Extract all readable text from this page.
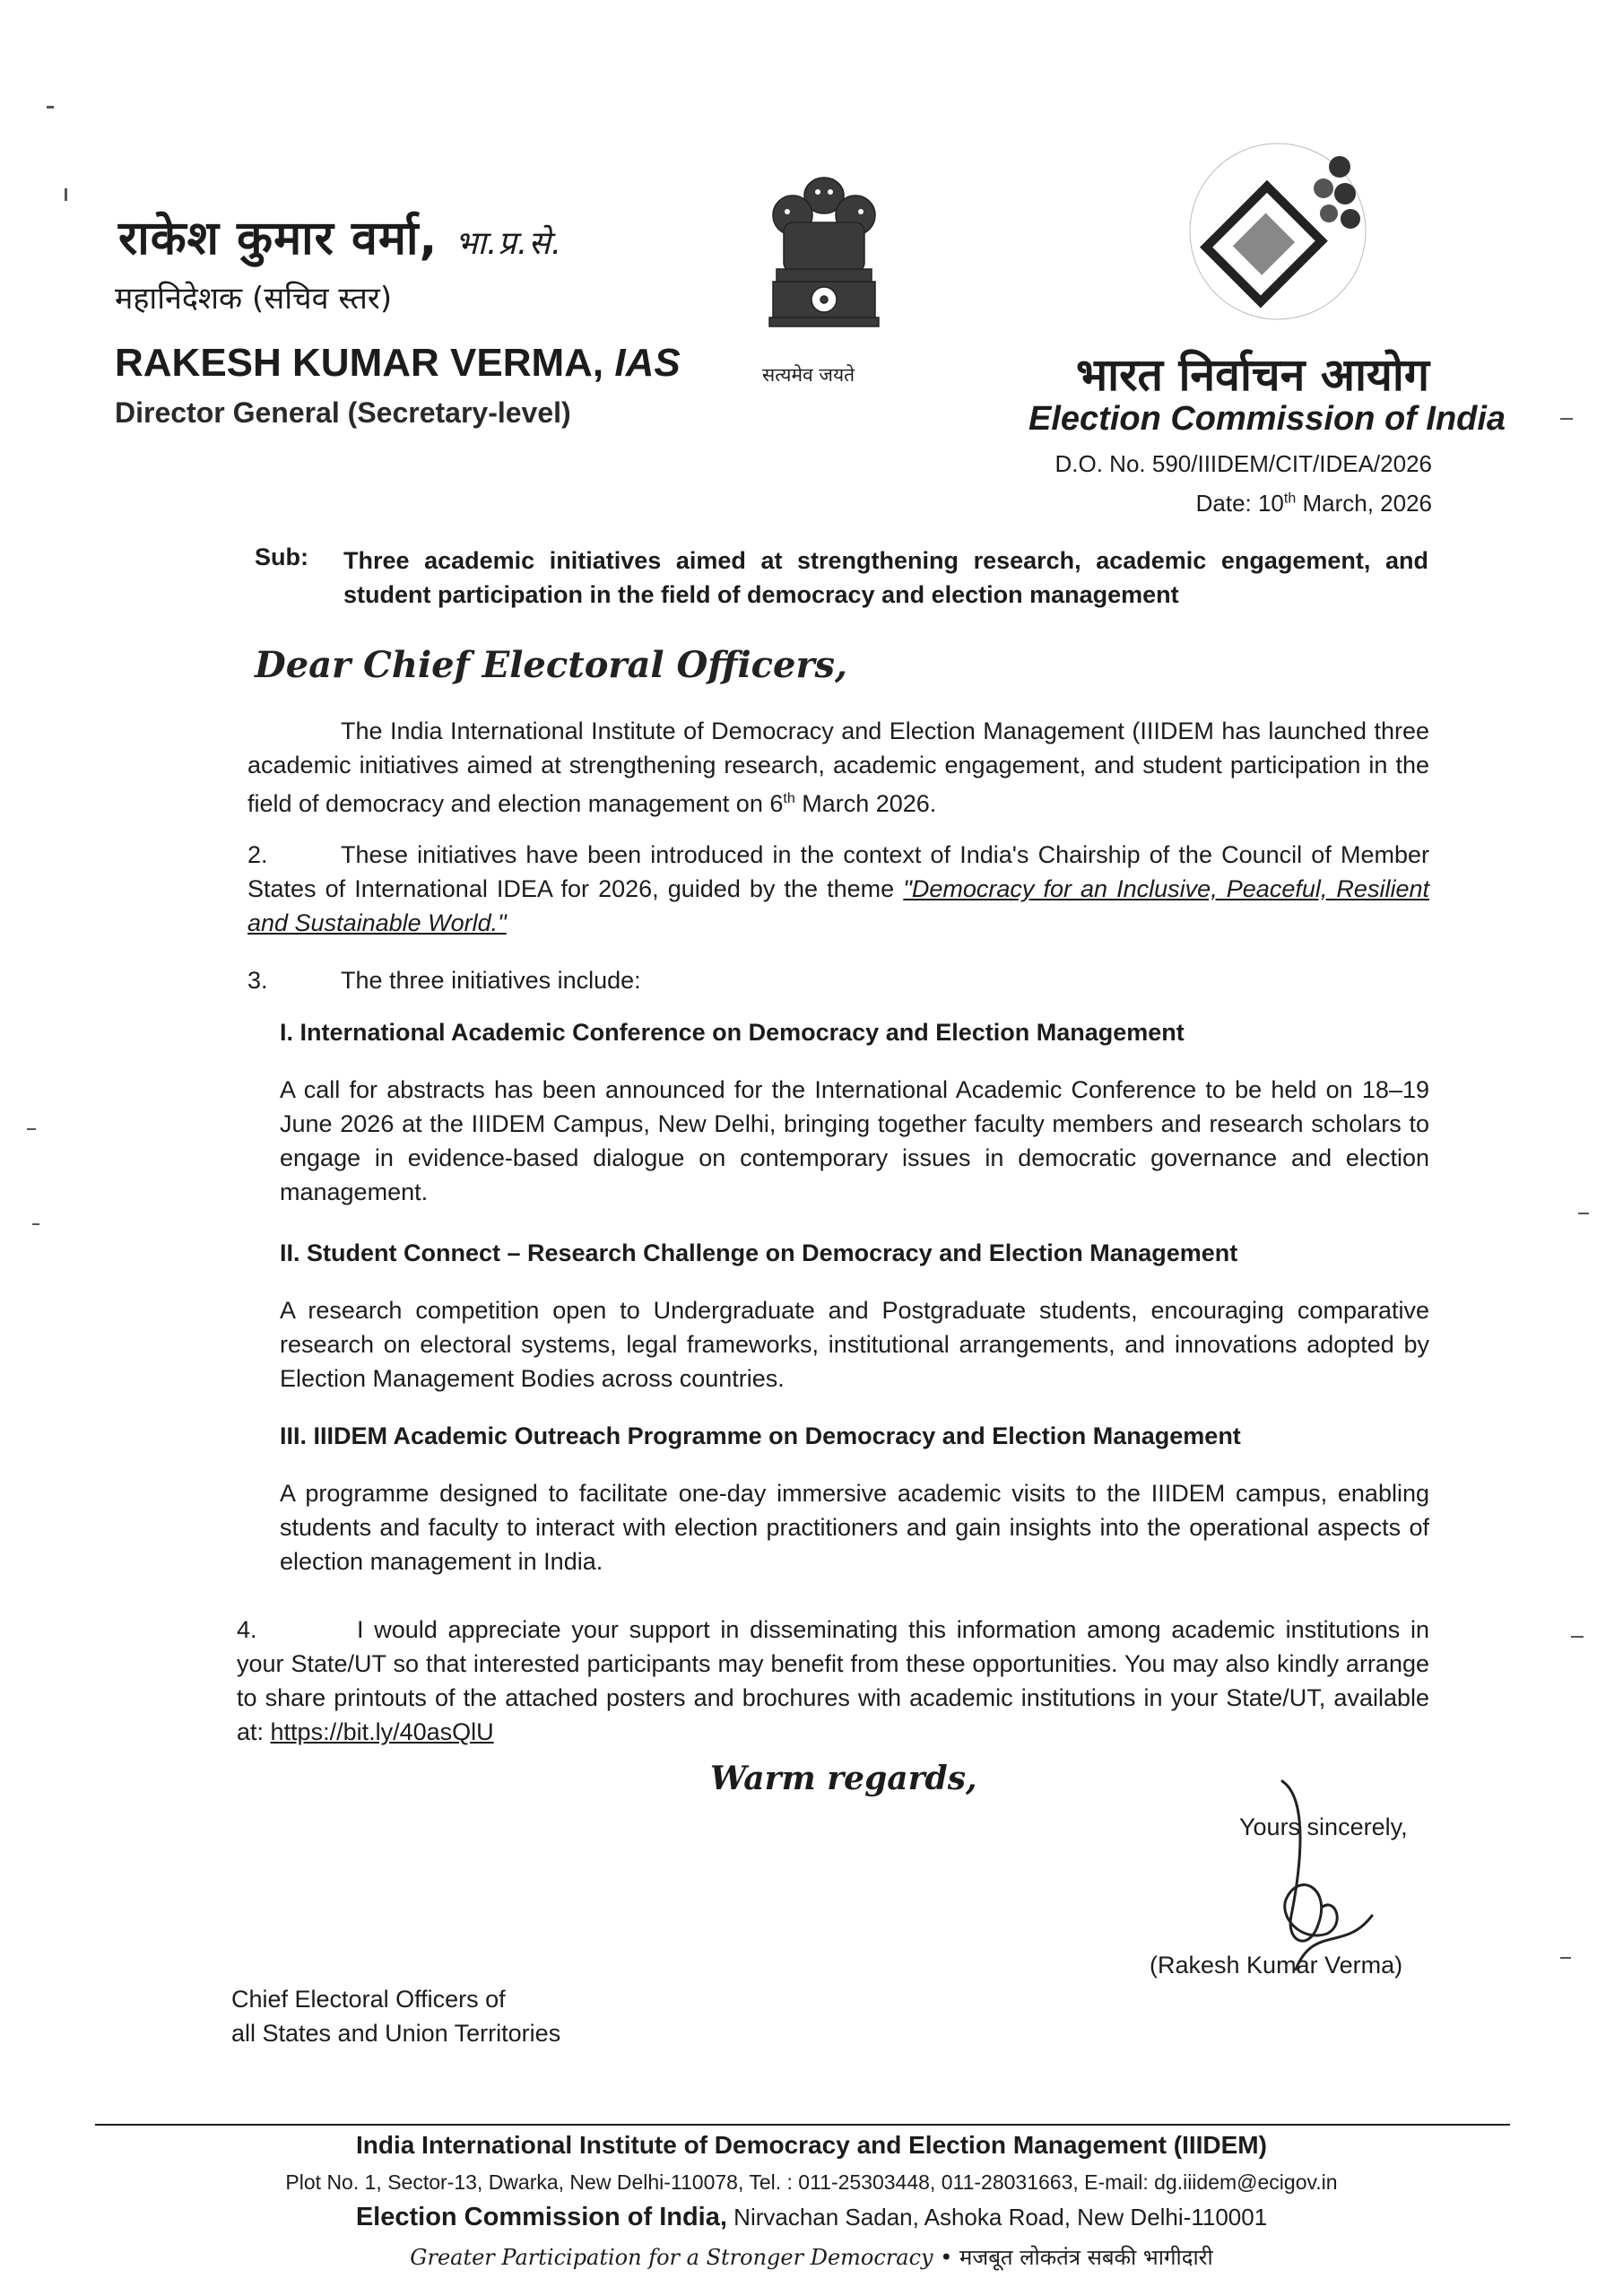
राकेश कुमार वर्मा, भा.प्र.से.
महानिदेशक (सचिव स्तर)
RAKESH KUMAR VERMA, IAS
Director General (Secretary-level)
सत्यमेव जयते	भारत निर्वाचन आयोग
Election Commission of India
D.O. No. 590/IIIDEM/CIT/IDEA/2026
Date: 10th March, 2026
Sub: Three academic initiatives aimed at strengthening research, academic engagement, and student participation in the field of democracy and election management
Dear Chief Electoral Officers,
The India International Institute of Democracy and Election Management (IIIDEM has launched three academic initiatives aimed at strengthening research, academic engagement, and student participation in the field of democracy and election management on 6th March 2026.
2.	These initiatives have been introduced in the context of India's Chairship of the Council of Member States of International IDEA for 2026, guided by the theme "Democracy for an Inclusive, Peaceful, Resilient and Sustainable World."
3.	The three initiatives include:
I. International Academic Conference on Democracy and Election Management
A call for abstracts has been announced for the International Academic Conference to be held on 18–19 June 2026 at the IIIDEM Campus, New Delhi, bringing together faculty members and research scholars to engage in evidence-based dialogue on contemporary issues in democratic governance and election management.
II. Student Connect – Research Challenge on Democracy and Election Management
A research competition open to Undergraduate and Postgraduate students, encouraging comparative research on electoral systems, legal frameworks, institutional arrangements, and innovations adopted by Election Management Bodies across countries.
III. IIIDEM Academic Outreach Programme on Democracy and Election Management
A programme designed to facilitate one-day immersive academic visits to the IIIDEM campus, enabling students and faculty to interact with election practitioners and gain insights into the operational aspects of election management in India.
4.	I would appreciate your support in disseminating this information among academic institutions in your State/UT so that interested participants may benefit from these opportunities. You may also kindly arrange to share printouts of the attached posters and brochures with academic institutions in your State/UT, available at: https://bit.ly/40asQlU
Warm regards,
Yours sincerely,
(Rakesh Kumar Verma)
Chief Electoral Officers of
all States and Union Territories
India International Institute of Democracy and Election Management (IIIDEM)
Plot No. 1, Sector-13, Dwarka, New Delhi-110078, Tel. : 011-25303448, 011-28031663, E-mail: dg.iiidem@ecigov.in
Election Commission of India, Nirvachan Sadan, Ashoka Road, New Delhi-110001
Greater Participation for a Stronger Democracy • मजबूत लोकतंत्र सबकी भागीदारी
